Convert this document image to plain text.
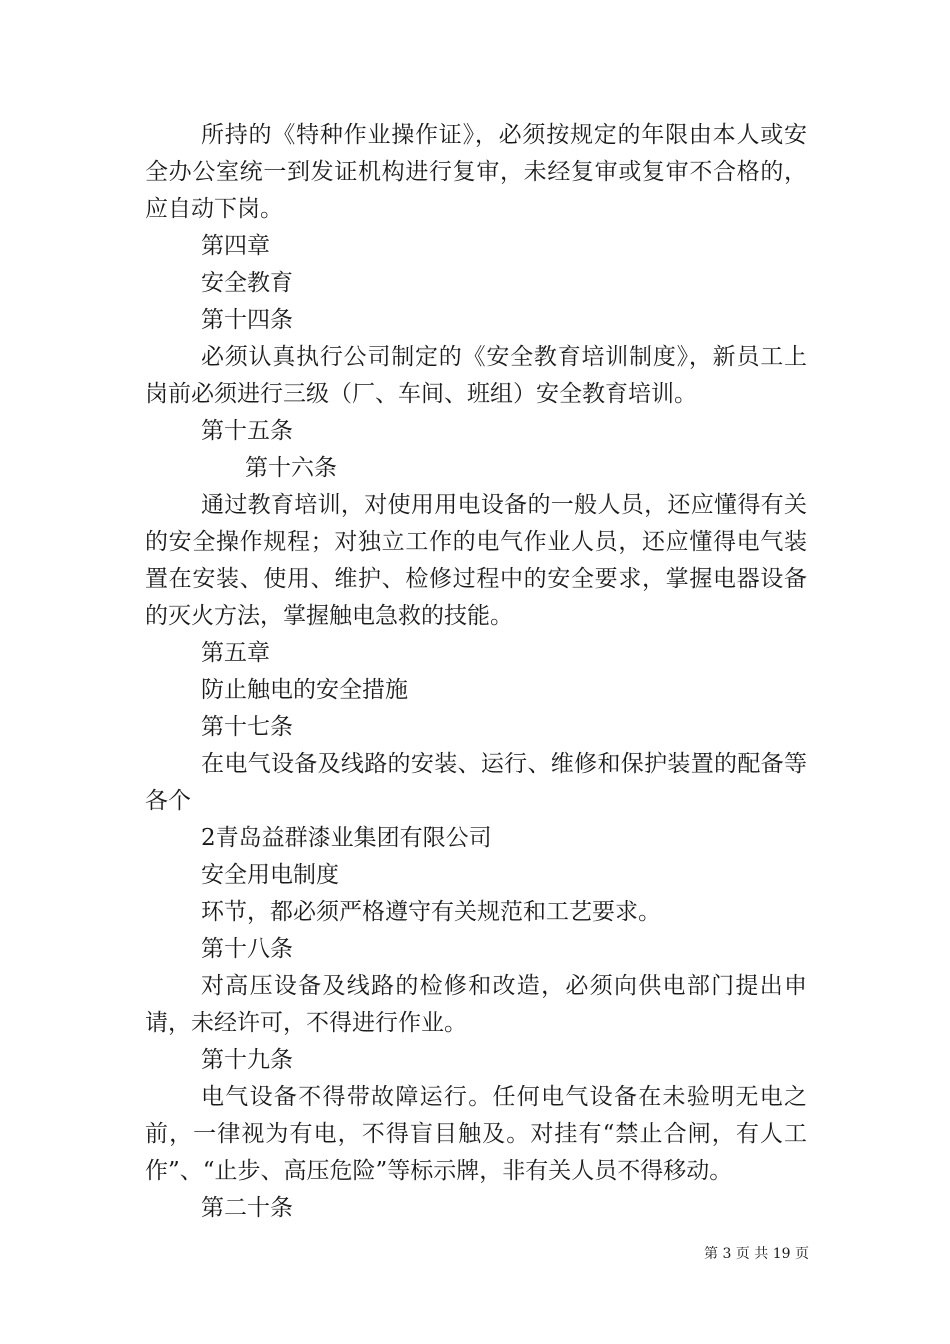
所持的《特种作业操作证》，必须按规定的年限由本人或安全办公室统一到发证机构进行复审，未经复审或复审不合格的，应自动下岗。

第四章

安全教育

第十四条

必须认真执行公司制定的《安全教育培训制度》，新员工上岗前必须进行三级（厂、车间、班组）安全教育培训。

第十五条

第十六条

通过教育培训，对使用用电设备的一般人员，还应懂得有关的安全操作规程；对独立工作的电气作业人员，还应懂得电气装置在安装、使用、维护、检修过程中的安全要求，掌握电器设备的灭火方法，掌握触电急救的技能。

第五章

防止触电的安全措施

第十七条

在电气设备及线路的安装、运行、维修和保护装置的配备等各个

2青岛益群漆业集团有限公司

安全用电制度

环节，都必须严格遵守有关规范和工艺要求。

第十八条

对高压设备及线路的检修和改造，必须向供电部门提出申请，未经许可，不得进行作业。

第十九条

电气设备不得带故障运行。任何电气设备在未验明无电之前，一律视为有电，不得盲目触及。对挂有“禁止合闸，有人工作”、“止步、高压危险”等标示牌，非有关人员不得移动。

第二十条

第 3 页 共 19 页
